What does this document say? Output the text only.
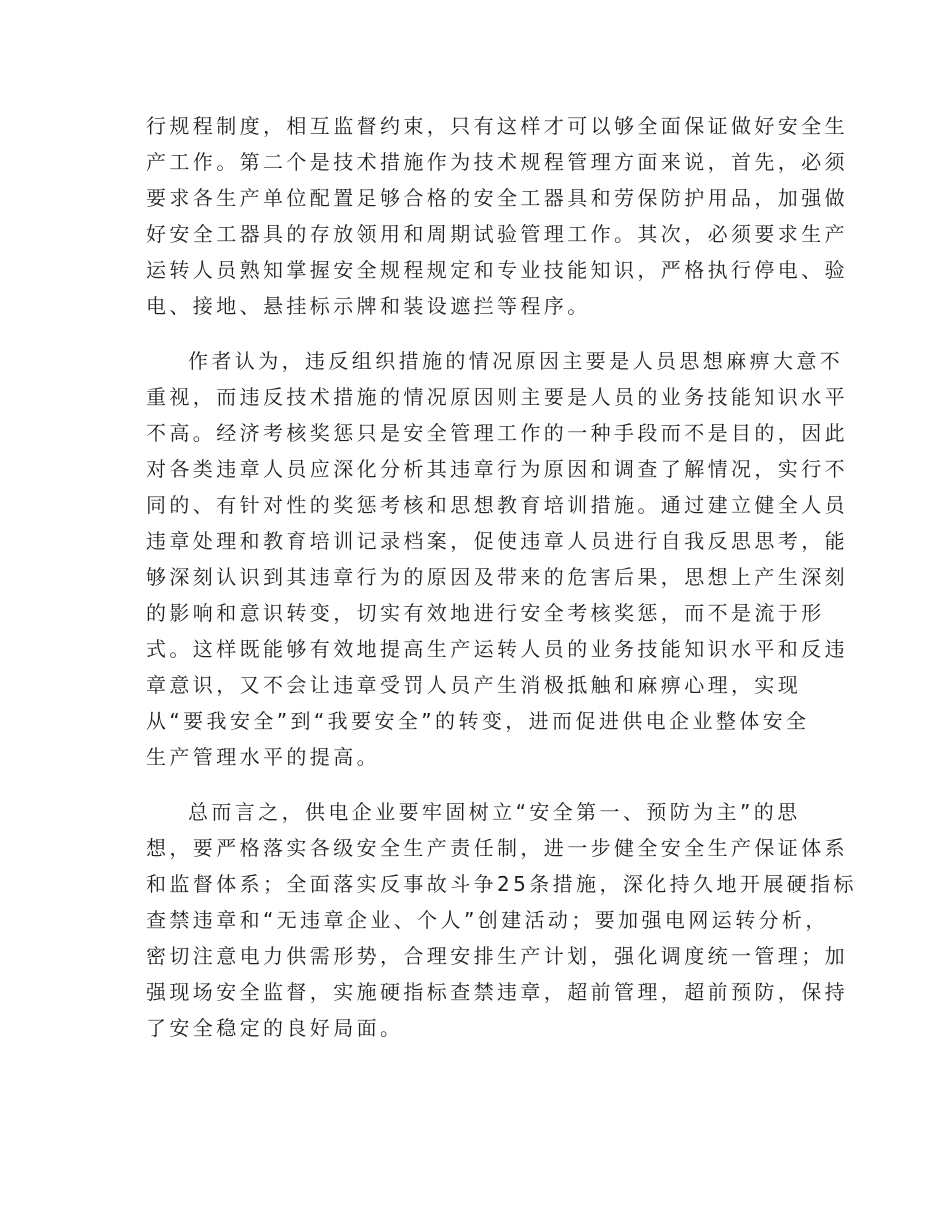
行规程制度，相互监督约束，只有这样才可以够全面保证做好安全生
产工作。第二个是技术措施作为技术规程管理方面来说，首先，必须
要求各生产单位配置足够合格的安全工器具和劳保防护用品，加强做
好安全工器具的存放领用和周期试验管理工作。其次，必须要求生产
运转人员熟知掌握安全规程规定和专业技能知识，严格执行停电、验
电、接地、悬挂标示牌和装设遮拦等程序。
作者认为，违反组织措施的情况原因主要是人员思想麻痹大意不
重视，而违反技术措施的情况原因则主要是人员的业务技能知识水平
不高。经济考核奖惩只是安全管理工作的一种手段而不是目的，因此
对各类违章人员应深化分析其违章行为原因和调查了解情况，实行不
同的、有针对性的奖惩考核和思想教育培训措施。通过建立健全人员
违章处理和教育培训记录档案，促使违章人员进行自我反思思考，能
够深刻认识到其违章行为的原因及带来的危害后果，思想上产生深刻
的影响和意识转变，切实有效地进行安全考核奖惩，而不是流于形
式。这样既能够有效地提高生产运转人员的业务技能知识水平和反违
章意识，又不会让违章受罚人员产生消极抵触和麻痹心理，实现
从“要我安全”到“我要安全”的转变，进而促进供电企业整体安全
生产管理水平的提高。
总而言之，供电企业要牢固树立“安全第一、预防为主”的思
想，要严格落实各级安全生产责任制，进一步健全安全生产保证体系
和监督体系；全面落实反事故斗争25条措施，深化持久地开展硬指标
查禁违章和“无违章企业、个人”创建活动；要加强电网运转分析，
密切注意电力供需形势，合理安排生产计划，强化调度统一管理；加
强现场安全监督，实施硬指标查禁违章，超前管理，超前预防，保持
了安全稳定的良好局面。
